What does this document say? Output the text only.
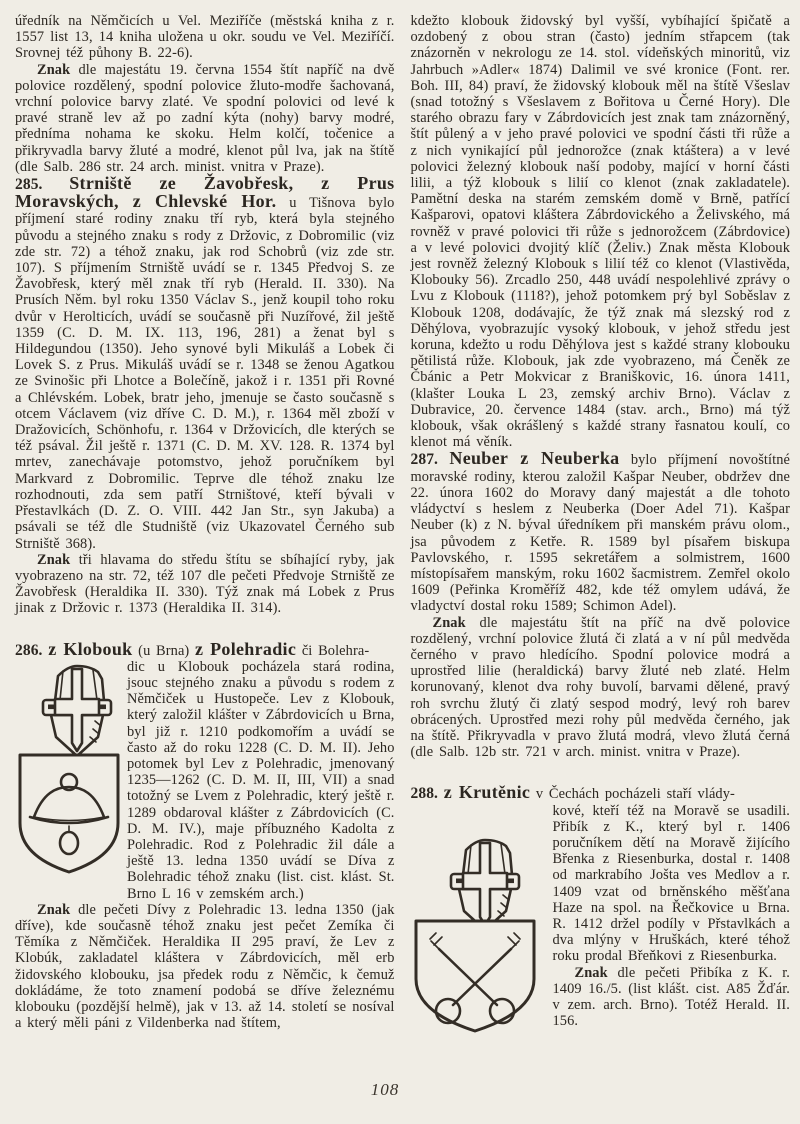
úředník na Němčicích u Vel. Meziříče (městská kniha z r. 1557 list 13, 14 kniha uložena u okr. soudu ve Vel. Meziříčí. Srovnej též půhony B. 22-6).

Znak dle majestátu 19. června 1554 štít napříč na dvě polovice rozdělený, spodní polovice žluto-modře šachovaná, vrchní polovice barvy zlaté. Ve spodní polovici od levé k pravé straně lev až po zadní kýta (nohy) barvy modré, předníma nohama ke skoku. Helm kolčí, točenice a přikryvadla barvy žluté a modré, klenot půl lva, jak na štítě (dle Salb. 286 str. 24 arch. minist. vnitra v Praze).

285. Strniště ze Žavobřesk, z Prus Moravských, z Chlevské Hor. u Tišnova bylo příjmení staré rodiny znaku tří ryb, která byla stejného původu a stejného znaku s rody z Držovic, z Dobromilic (viz zde str. 72) a téhož znaku, jak rod Schobrů (viz zde str. 107). S příjmením Strniště uvádí se r. 1345 Předvoj S. ze Žavobřesk, který měl znak tří ryb (Herald. II. 330). Na Prusích Něm. byl roku 1350 Václav S., jenž koupil toho roku dvůr v Herolticích, uvádí se současně při Nuzířové, žil ještě 1359 (C. D. M. IX. 113, 196, 281) a ženat byl s Hildegundou (1350). Jeho synové byli Mikuláš a Lobek či Lovek S. z Prus. Mikuláš uvádí se r. 1348 se ženou Agatkou ze Svinošic při Lhotce a Bolečíně, jakož i r. 1351 při Rovné a Chlévském. Lobek, bratr jeho, jmenuje se často současně s otcem Václavem (viz dříve C. D. M.), r. 1364 měl zboží v Dražovicích, Schönhofu, r. 1364 v Držovicích, dle kterých se též psával. Žil ještě r. 1371 (C. D. M. XV. 128. R. 1374 byl mrtev, zanechávaje potomstvo, jehož poručníkem byl Markvard z Dobromilic. Teprve dle téhož znaku lze rozhodnouti, zda sem patří Strništové, kteří bývali v Přestavlkách (D. Z. O. VIII. 442 Jan Str., syn Jakuba) a psávali se též dle Studniště (viz Ukazovatel Černého sub Strniště 368).

Znak tři hlavama do středu štítu se sbíhající ryby, jak vyobrazeno na str. 72, též 107 dle pečeti Předvoje Strniště ze Žavobřesk (Heraldika II. 330). Týž znak má Lobek z Prus jinak z Držovic r. 1373 (Heraldika II. 314).

286. z Klobouk (u Brna) z Polehradic či Bolehra-

dic u Klobouk pocházela stará rodina, jsouc stejného znaku a původu s rodem z Němčiček u Hustopeče. Lev z Klobouk, který založil klášter v Zábrdovicích u Brna, byl již r. 1210 podkomořím a uvádí se často až do roku 1228 (C. D. M. II). Jeho potomek byl Lev z Polehradic, jmenovaný 1235—1262 (C. D. M. II, III, VII) a snad totožný se Lvem z Polehradic, který ještě r. 1289 obdaroval klášter z Zábrdovicích (C. D. M. IV.), maje příbuzného Kadolta z Polehradic. Rod z Polehradic žil dále a ještě 13. ledna 1350 uvádí se Díva z Bolehradic téhož znaku (list. cist. klást. St. Brno L 16 v zemském arch.)

Znak dle pečeti Dívy z Polehradic 13. ledna 1350 (jak dříve), kde současně téhož znaku jest pečet Zemíka či Těmíka z Němčiček. Heraldika II 295 praví, že Lev z Klobúk, zakladatel kláštera v Zábrdovicích, měl erb židovského klobouku, jsa předek rodu z Němčic, k čemuž dokládáme, že toto znamení podobá se dříve železnému klobouku (pozdější helmě), jak v 13. až 14. století se nosíval a který měli páni z Vildenberka nad štítem,

kdežto klobouk židovský byl vyšší, vybíhající špičatě a ozdobený z obou stran (často) jedním střapcem (tak znázorněn v nekrologu ze 14. stol. vídeňských minoritů, viz Jahrbuch »Adler« 1874) Dalimil ve své kronice (Font. rer. Boh. III, 84) praví, že židovský klobouk měl na štítě Všeslav (snad totožný s Všeslavem z Bořitova u Černé Hory). Dle starého obrazu fary v Zábrdovicích jest znak tam znázorněný, štít půlený a v jeho pravé polovici ve spodní části tři růže a z nich vynikající půl jednorožce (znak ktáštera) a v levé polovici železný klobouk naší podoby, mající v horní části lilii, a týž klobouk s lilií co klenot (znak zakladatele). Pamětní deska na starém zemském domě v Brně, patřící Kašparovi, opatovi kláštera Zábrdovického a Želivského, má rovněž v pravé polovici tři růže s jednorožcem (Zábrdovice) a v levé polovici dvojitý klíč (Želiv.) Znak města Klobouk jest rovněž železný Klobouk s lilií též co klenot (Vlastivěda, Klobouky 56). Zrcadlo 250, 448 uvádí nespolehlivé zprávy o Lvu z Klobouk (1118?), jehož potomkem prý byl Soběslav z Klobouk 1208, dodávajíc, že týž znak má slezský rod z Děhýlova, vyobrazujíc vysoký klobouk, v jehož středu jest koruna, kdežto u rodu Děhýlova jest s každé strany klobouku pětilistá růže. Klobouk, jak zde vyobrazeno, má Čeněk ze Čbánic a Petr Mokvicar z Braniškovic, 16. února 1411, (klašter Louka L 23, zemský archiv Brno). Václav z Dubravice, 20. července 1484 (stav. arch., Brno) má týž klobouk, však okrášlený s každé strany řasnatou koulí, co klenot má věník.

287. Neuber z Neuberka bylo příjmení novoštítné moravské rodiny, kterou založil Kašpar Neuber, obdržev dne 22. února 1602 do Moravy daný majestát a dle tohoto vládyctví s heslem z Neuberka (Doer Adel 71). Kašpar Neuber (k) z N. býval úředníkem při manském právu olom., jsa původem z Ketře. R. 1589 byl písařem biskupa Pavlovského, r. 1595 sekretářem a solmistrem, 1600 místopísařem manským, roku 1602 šacmistrem. Zemřel okolo 1609 (Peřinka Kroměříž 482, kde též omylem udává, že vladyctví dostal roku 1589; Schimon Adel).

Znak dle majestátu štít na příč na dvě polovice rozdělený, vrchní polovice žlutá či zlatá a v ní půl medvěda černého v pravo hledícího. Spodní polovice modrá a uprostřed lilie (heraldická) barvy žluté neb zlaté. Helm korunovaný, klenot dva rohy buvolí, barvami dělené, pravý roh svrchu žlutý či zlatý sespod modrý, levý roh barev obrácených. Uprostřed mezi rohy půl medvěda černého, jak na štítě. Přikryvadla v pravo žlutá modrá, vlevo žlutá černá (dle Salb. 12b str. 721 v arch. minist. vnitra v Praze).

288. z Krutěnic v Čechách pocházeli staří vlády-

kové, kteří též na Moravě se usadili. Přibík z K., který byl r. 1406 poručníkem dětí na Moravě žijícího Břenka z Riesenburka, dostal r. 1408 od markrabího Jošta ves Medlov a r. 1409 vzat od brněnského měšťana Haze na spol. na Řečkovice u Brna. R. 1412 držel podíly v Přstavlkách a dva mlýny v Hruškách, které téhož roku prodal Břeňkovi z Riesenburka.

Znak dle pečeti Přibíka z K. r. 1409 16./5. (list klášt. cist. A85 Žďár. v zem. arch. Brno). Totéž Herald. II. 156.

108
